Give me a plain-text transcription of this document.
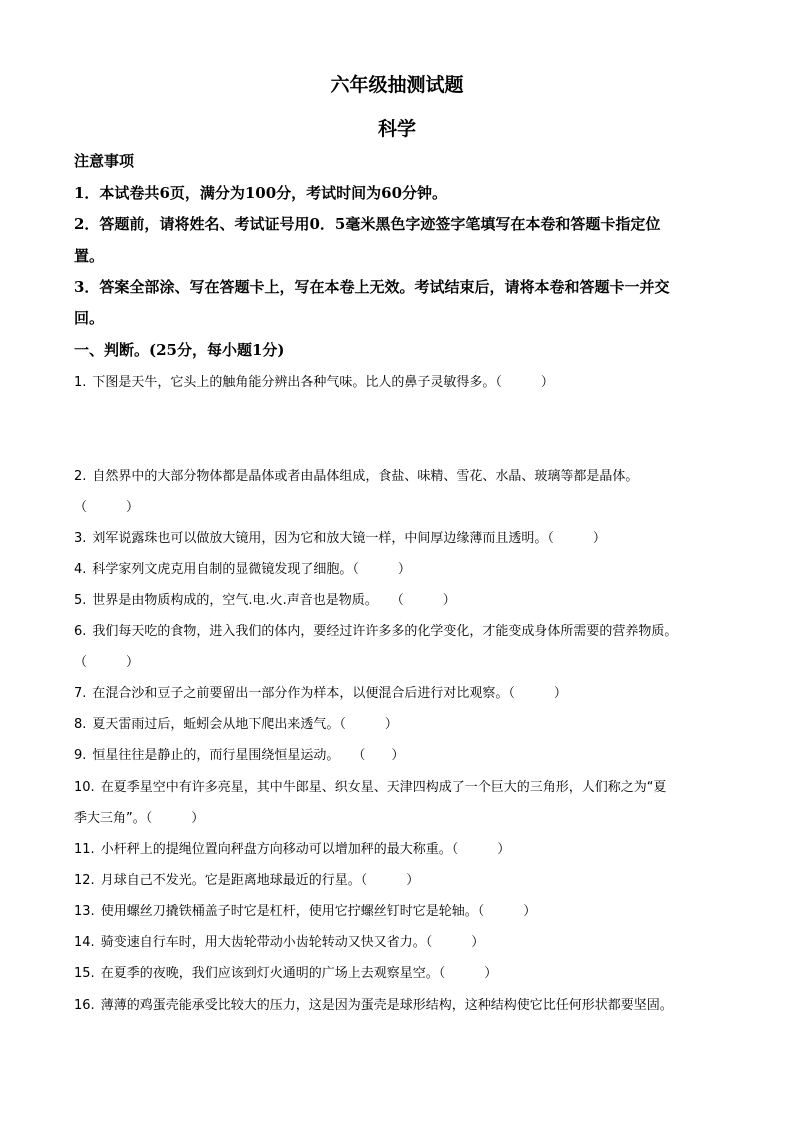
六年级抽测试题
科学
注意事项
1．本试卷共6页，满分为100分，考试时间为60分钟。
2．答题前，请将姓名、考试证号用0．5毫米黑色字迹签字笔填写在本卷和答题卡指定位
置。
3．答案全部涂、写在答题卡上，写在本卷上无效。考试结束后，请将本卷和答题卡一并交
回。
一、判断。(25分，每小题1分)
1. 下图是天牛，它头上的触角能分辨出各种气味。比人的鼻子灵敏得多。（　　　）
2. 自然界中的大部分物体都是晶体或者由晶体组成，食盐、味精、雪花、水晶、玻璃等都是晶体。
（　　　）
3. 刘军说露珠也可以做放大镜用，因为它和放大镜一样，中间厚边缘薄而且透明。（　　　）
4. 科学家列文虎克用自制的显微镜发现了细胞。（　　　）
5. 世界是由物质构成的，空气.电.火.声音也是物质。　　（　　　）
6. 我们每天吃的食物，进入我们的体内，要经过许许多多的化学变化，才能变成身体所需要的营养物质。
（　　　）
7. 在混合沙和豆子之前要留出一部分作为样本，以便混合后进行对比观察。（　　　）
8. 夏天雷雨过后，蚯蚓会从地下爬出来透气。（　　　）
9. 恒星往往是静止的，而行星围绕恒星运动。　　（　　）
10. 在夏季星空中有许多亮星，其中牛郎星、织女星、天津四构成了一个巨大的三角形，人们称之为“夏
季大三角”。（　　　）
11. 小杆秤上的提绳位置向秤盘方向移动可以增加秤的最大称重。（　　　）
12. 月球自己不发光。它是距离地球最近的行星。（　　　）
13. 使用螺丝刀撬铁桶盖子时它是杠杆，使用它拧螺丝钉时它是轮轴。（　　　）
14. 骑变速自行车时，用大齿轮带动小齿轮转动又快又省力。（　　　）
15. 在夏季的夜晚，我们应该到灯火通明的广场上去观察星空。（　　　）
16. 薄薄的鸡蛋壳能承受比较大的压力，这是因为蛋壳是球形结构，这种结构使它比任何形状都要坚固。
